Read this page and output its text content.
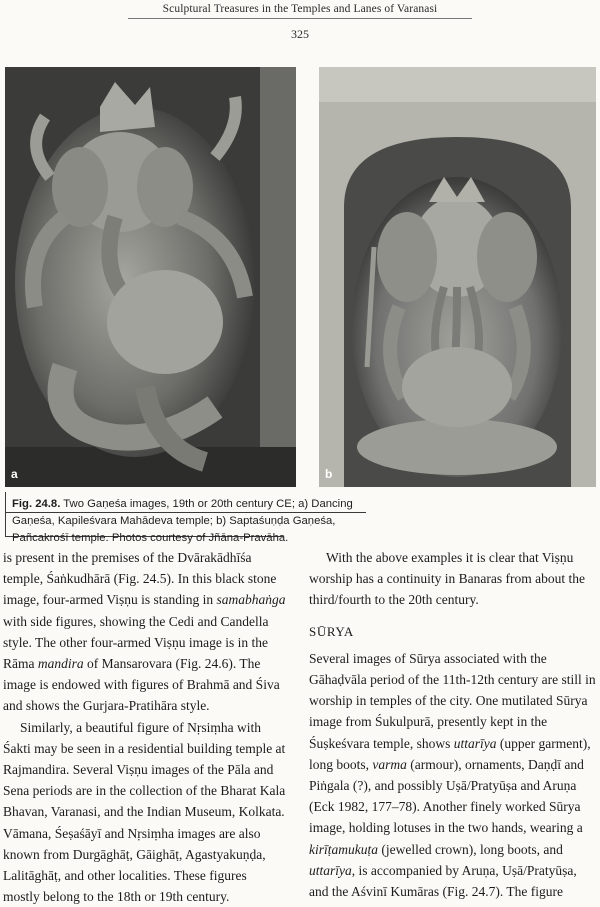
Sculptural Treasures in the Temples and Lanes of Varanasi
325
a	b
Fig. 24.8. Two Gaṇeśa images, 19th or 20th century CE; a) Dancing Gaṇeśa, Kapileśvara Mahādeva temple; b) Saptaśuṇḍa Gaṇeśa, Pañcakrośī temple. Photos courtesy of Jñāna-Pravāha.

is present in the premises of the Dvārakādhīśa temple, Śaṅkudhārā (Fig. 24.5). In this black stone image, four-armed Viṣṇu is standing in samabhaṅga with side figures, showing the Cedi and Candella style. The other four-armed Viṣṇu image is in the Rāma mandira of Mansarovara (Fig. 24.6). The image is endowed with figures of Brahmā and Śiva and shows the Gurjara-Pratihāra style.

Similarly, a beautiful figure of Nṛsiṃha with Śakti may be seen in a residential building temple at Rajmandira. Several Viṣṇu images of the Pāla and Sena periods are in the collection of the Bharat Kala Bhavan, Varanasi, and the Indian Museum, Kolkata. Vāmana, Śeṣaśāyī and Nṛsiṃha images are also known from Durgāghāṭ, Gāighāṭ, Agastyakuṇḍa, Lalitāghāṭ, and other localities. These figures mostly belong to the 18th or 19th century.

With the above examples it is clear that Viṣṇu worship has a continuity in Banaras from about the third/fourth to the 20th century.

SŪRYA

Several images of Sūrya associated with the Gāhaḍvāla period of the 11th-12th century are still in worship in temples of the city. One mutilated Sūrya image from Śukulpurā, presently kept in the Śuṣkeśvara temple, shows uttarīya (upper garment), long boots, varma (armour), ornaments, Daṇḍī and Piṅgala (?), and possibly Uṣā/Pratyūṣa and Aruṇa (Eck 1982, 177–78). Another finely worked Sūrya image, holding lotuses in the two hands, wearing a kirīṭamukuṭa (jewelled crown), long boots, and uttarīya, is accompanied by Aruṇa, Uṣā/Pratyūṣa, and the Aśvinī Kumāras (Fig. 24.7). The figure
